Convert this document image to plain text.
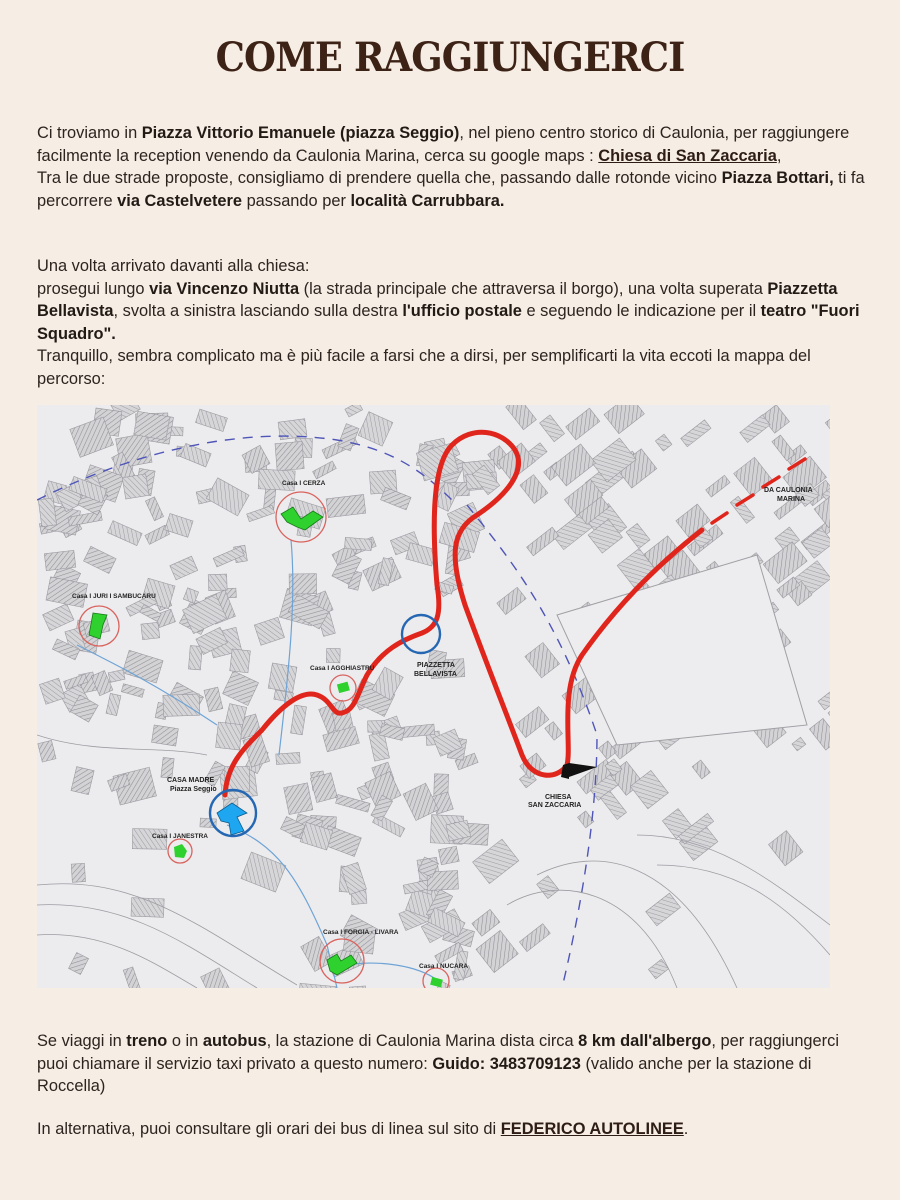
COME RAGGIUNGERCI
Ci troviamo in Piazza Vittorio Emanuele (piazza Seggio), nel pieno centro storico di Caulonia, per raggiungere facilmente la reception venendo da Caulonia Marina, cerca su google maps : Chiesa di San Zaccaria,
Tra le due strade proposte, consigliamo di prendere quella che, passando dalle rotonde vicino Piazza Bottari, ti fa percorrere via Castelvetere passando per località Carrubbara.
Una volta arrivato davanti alla chiesa:
prosegui lungo via Vincenzo Niutta (la strada principale che attraversa il borgo), una volta superata Piazzetta Bellavista, svolta a sinistra lasciando sulla destra l'ufficio postale e seguendo le indicazione per il teatro "Fuori Squadro".
Tranquillo, sembra complicato ma è più facile a farsi che a dirsi, per semplificarti la vita eccoti la mappa del percorso:
Casa I CERZA
Casa I JURI I SAMBUCARU
Casa I AGGHIASTRU	PIAZZETTA
BELLAVISTA
CASA MADRE
Piazza Seggio
Casa I JANESTRA
Casa I FORGIA - LIVARA
Casa I NUCARA
CHIESA
SAN ZACCARIA
DA CAULONIA
MARINA
Se viaggi in treno o in autobus, la stazione di Caulonia Marina dista circa 8 km dall'albergo, per raggiungerci puoi chiamare il servizio taxi privato a questo numero: Guido: 3483709123 (valido anche per la stazione di Roccella)
In alternativa, puoi consultare gli orari dei bus di linea sul sito di FEDERICO AUTOLINEE.
